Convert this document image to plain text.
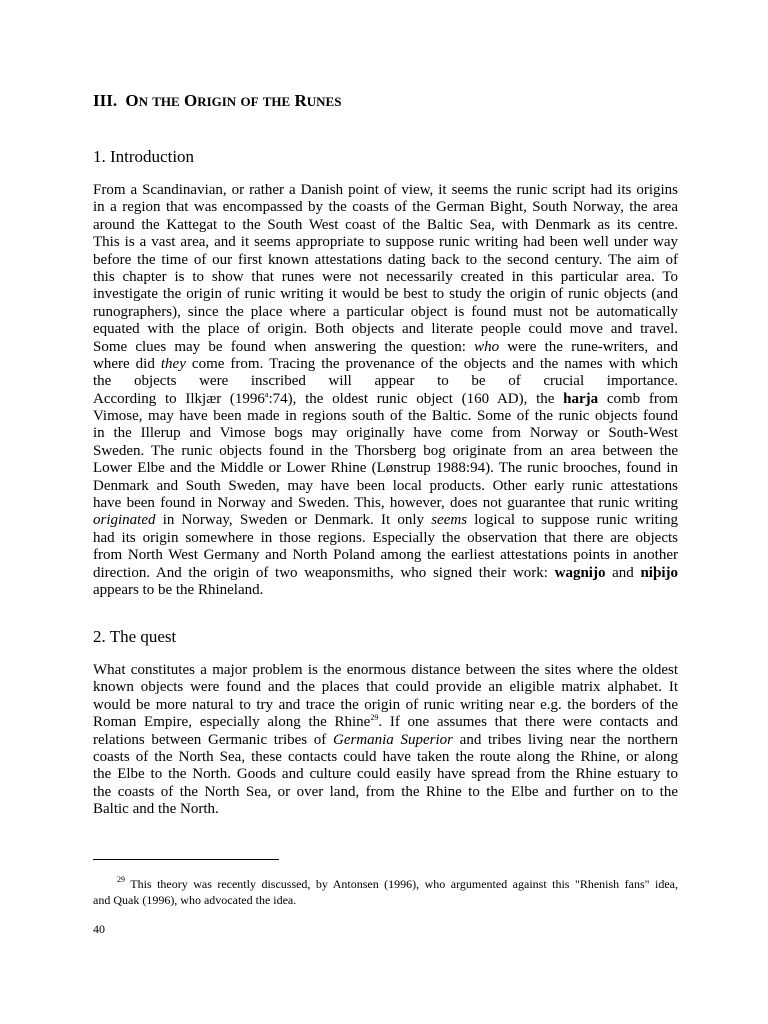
III. ON THE ORIGIN OF THE RUNES
1. Introduction
From a Scandinavian, or rather a Danish point of view, it seems the runic script had its origins
in a region that was encompassed by the coasts of the German Bight, South Norway, the area
around the Kattegat to the South West coast of the Baltic Sea, with Denmark as its centre.
This is a vast area, and it seems appropriate to suppose runic writing had been well under way
before the time of our first known attestations dating back to the second century. The aim of
this chapter is to show that runes were not necessarily created in this particular area. To
investigate the origin of runic writing it would be best to study the origin of runic objects (and
runographers), since the place where a particular object is found must not be automatically
equated with the place of origin. Both objects and literate people could move and travel.
Some clues may be found when answering the question: who were the rune-writers, and
where did they come from. Tracing the provenance of the objects and the names with which
the objects were inscribed will appear to be of crucial importance.
According to Ilkjær (1996$^a$:74), the oldest runic object (160 AD), the harja comb from
Vimose, may have been made in regions south of the Baltic. Some of the runic objects found
in the Illerup and Vimose bogs may originally have come from Norway or South-West
Sweden. The runic objects found in the Thorsberg bog originate from an area between the
Lower Elbe and the Middle or Lower Rhine (Lønstrup 1988:94). The runic brooches, found in
Denmark and South Sweden, may have been local products. Other early runic attestations
have been found in Norway and Sweden. This, however, does not guarantee that runic writing
originated in Norway, Sweden or Denmark. It only seems logical to suppose runic writing
had its origin somewhere in those regions. Especially the observation that there are objects
from North West Germany and North Poland among the earliest attestations points in another
direction. And the origin of two weaponsmiths, who signed their work: wagnijo and niþijo
appears to be the Rhineland.
2. The quest
What constitutes a major problem is the enormous distance between the sites where the oldest
known objects were found and the places that could provide an eligible matrix alphabet. It
would be more natural to try and trace the origin of runic writing near e.g. the borders of the
Roman Empire, especially along the Rhine$^{29}$. If one assumes that there were contacts and
relations between Germanic tribes of Germania Superior and tribes living near the northern
coasts of the North Sea, these contacts could have taken the route along the Rhine, or along
the Elbe to the North. Goods and culture could easily have spread from the Rhine estuary to
the coasts of the North Sea, or over land, from the Rhine to the Elbe and further on to the
Baltic and the North.
$^{29}$ This theory was recently discussed, by Antonsen (1996), who argumented against this "Rhenish fans" idea,
and Quak (1996), who advocated the idea.
40
